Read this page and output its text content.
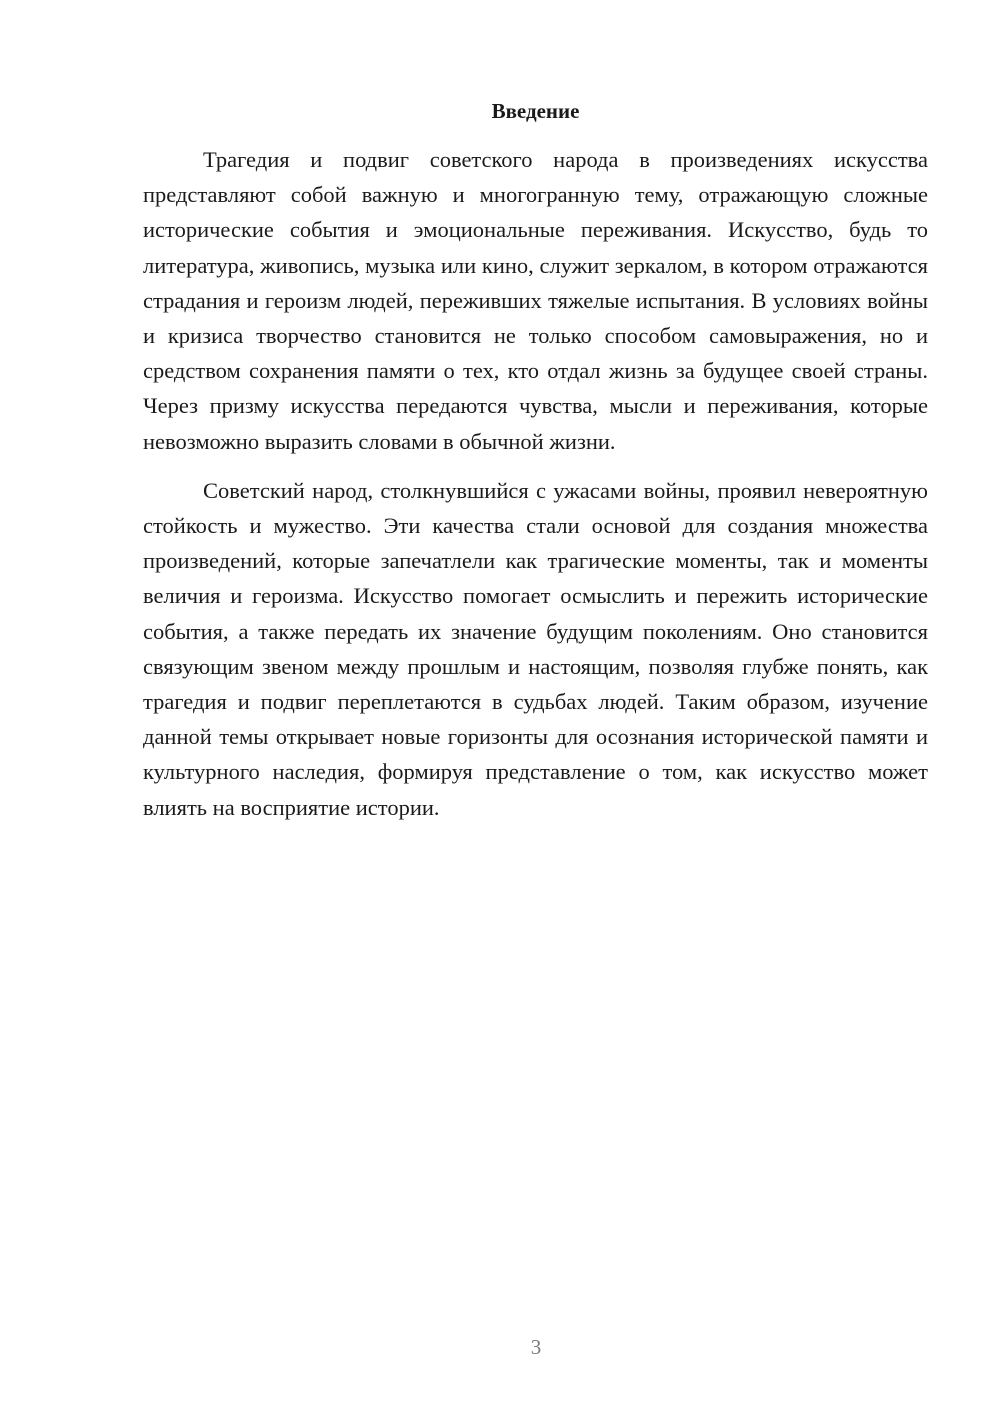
Введение

Трагедия и подвиг советского народа в произведениях искусства представляют собой важную и многогранную тему, отражающую сложные исторические события и эмоциональные переживания. Искусство, будь то литература, живопись, музыка или кино, служит зеркалом, в котором отражаются страдания и героизм людей, переживших тяжелые испытания. В условиях войны и кризиса творчество становится не только способом самовыражения, но и средством сохранения памяти о тех, кто отдал жизнь за будущее своей страны. Через призму искусства передаются чувства, мысли и переживания, которые невозможно выразить словами в обычной жизни.

Советский народ, столкнувшийся с ужасами войны, проявил невероятную стойкость и мужество. Эти качества стали основой для создания множества произведений, которые запечатлели как трагические моменты, так и моменты величия и героизма. Искусство помогает осмыслить и пережить исторические события, а также передать их значение будущим поколениям. Оно становится связующим звеном между прошлым и настоящим, позволяя глубже понять, как трагедия и подвиг переплетаются в судьбах людей. Таким образом, изучение данной темы открывает новые горизонты для осознания исторической памяти и культурного наследия, формируя представление о том, как искусство может влиять на восприятие истории.

3
